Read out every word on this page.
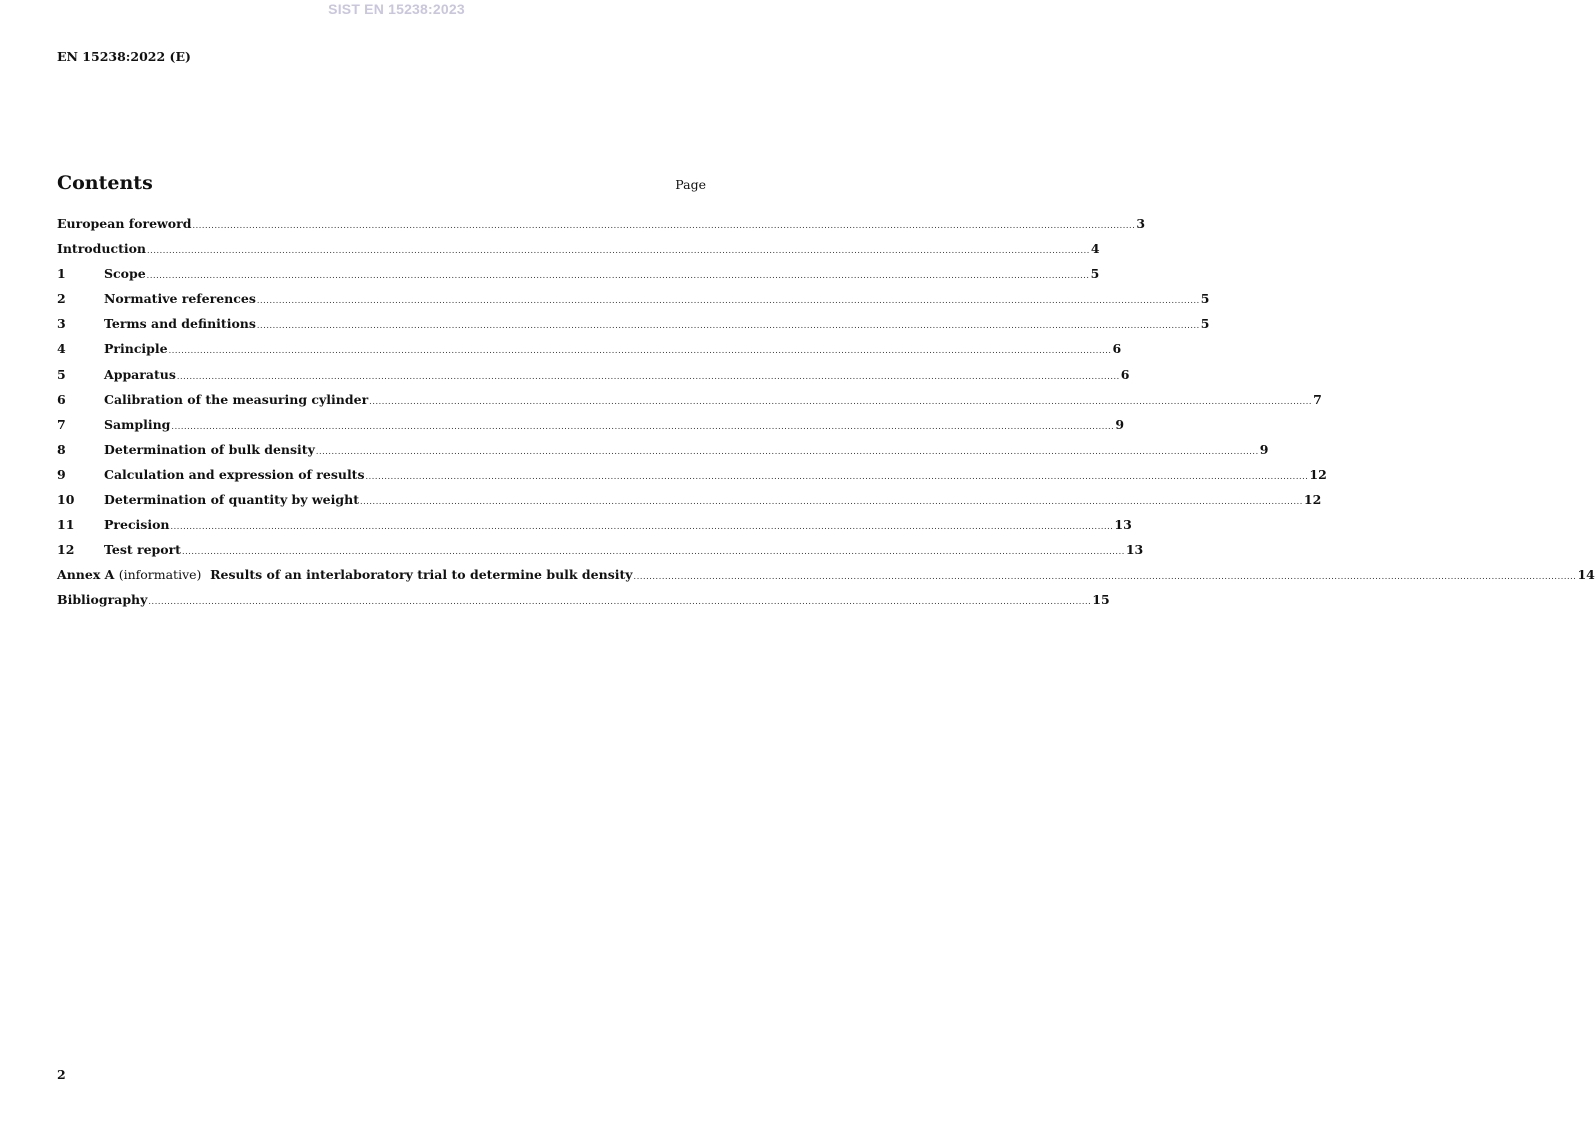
SIST EN 15238:2023
EN 15238:2022 (E)
Contents	Page
European foreword ............................................................................................................................................................................................................................................................................................................ 3
Introduction ............................................................................................................................................................................................................................................................................................................ 4
1	Scope ............................................................................................................................................................................................................................................................................................................ 5
2	Normative references ............................................................................................................................................................................................................................................................................................................ 5
3	Terms and definitions ............................................................................................................................................................................................................................................................................................................ 5
4	Principle ............................................................................................................................................................................................................................................................................................................ 6
5	Apparatus ............................................................................................................................................................................................................................................................................................................ 6
6	Calibration of the measuring cylinder ............................................................................................................................................................................................................................................................................................................ 7
7	Sampling ............................................................................................................................................................................................................................................................................................................ 9
8	Determination of bulk density ............................................................................................................................................................................................................................................................................................................ 9
9	Calculation and expression of results ............................................................................................................................................................................................................................................................................................................ 12
10	Determination of quantity by weight ............................................................................................................................................................................................................................................................................................................ 12
11	Precision ............................................................................................................................................................................................................................................................................................................ 13
12	Test report ............................................................................................................................................................................................................................................................................................................ 13
Annex A (informative) Results of an interlaboratory trial to determine bulk density ............................................................................................................................................................................................................................................................................................................ 14
Bibliography ............................................................................................................................................................................................................................................................................................................ 15
2
